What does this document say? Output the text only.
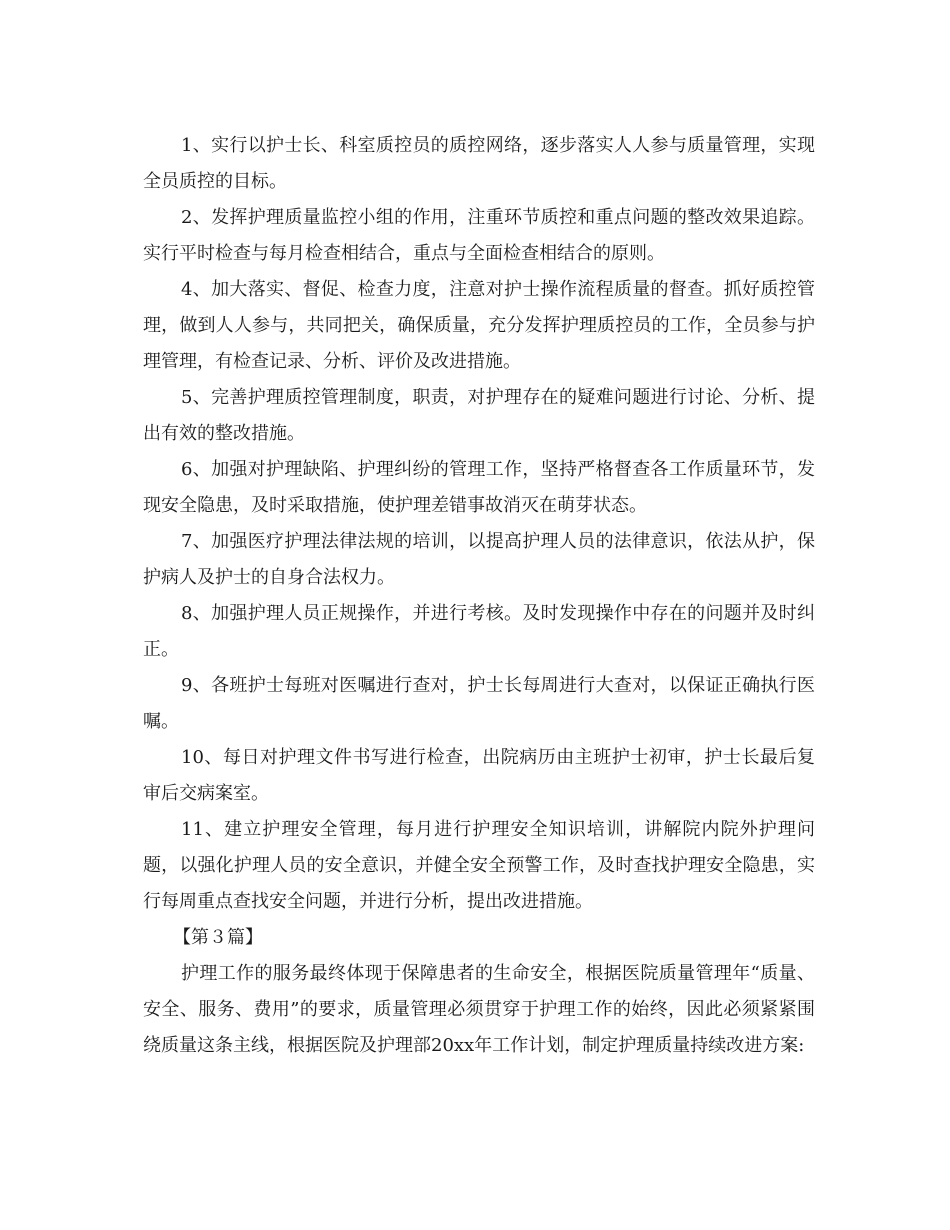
1、实行以护士长、科室质控员的质控网络，逐步落实人人参与质量管理，实现全员质控的目标。

2、发挥护理质量监控小组的作用，注重环节质控和重点问题的整改效果追踪。实行平时检查与每月检查相结合，重点与全面检查相结合的原则。

4、加大落实、督促、检查力度，注意对护士操作流程质量的督查。抓好质控管理，做到人人参与，共同把关，确保质量，充分发挥护理质控员的工作，全员参与护理管理，有检查记录、分析、评价及改进措施。

5、完善护理质控管理制度，职责，对护理存在的疑难问题进行讨论、分析、提出有效的整改措施。

6、加强对护理缺陷、护理纠纷的管理工作，坚持严格督查各工作质量环节，发现安全隐患，及时采取措施，使护理差错事故消灭在萌芽状态。

7、加强医疗护理法律法规的培训，以提高护理人员的法律意识，依法从护，保护病人及护士的自身合法权力。

8、加强护理人员正规操作，并进行考核。及时发现操作中存在的问题并及时纠正。

9、各班护士每班对医嘱进行查对，护士长每周进行大查对，以保证正确执行医嘱。

10、每日对护理文件书写进行检查，出院病历由主班护士初审，护士长最后复审后交病案室。

11、建立护理安全管理，每月进行护理安全知识培训，讲解院内院外护理问题，以强化护理人员的安全意识，并健全安全预警工作，及时查找护理安全隐患，实行每周重点查找安全问题，并进行分析，提出改进措施。

【第３篇】

护理工作的服务最终体现于保障患者的生命安全，根据医院质量管理年“质量、安全、服务、费用”的要求，质量管理必须贯穿于护理工作的始终，因此必须紧紧围绕质量这条主线，根据医院及护理部20xx年工作计划，制定护理质量持续改进方案:
